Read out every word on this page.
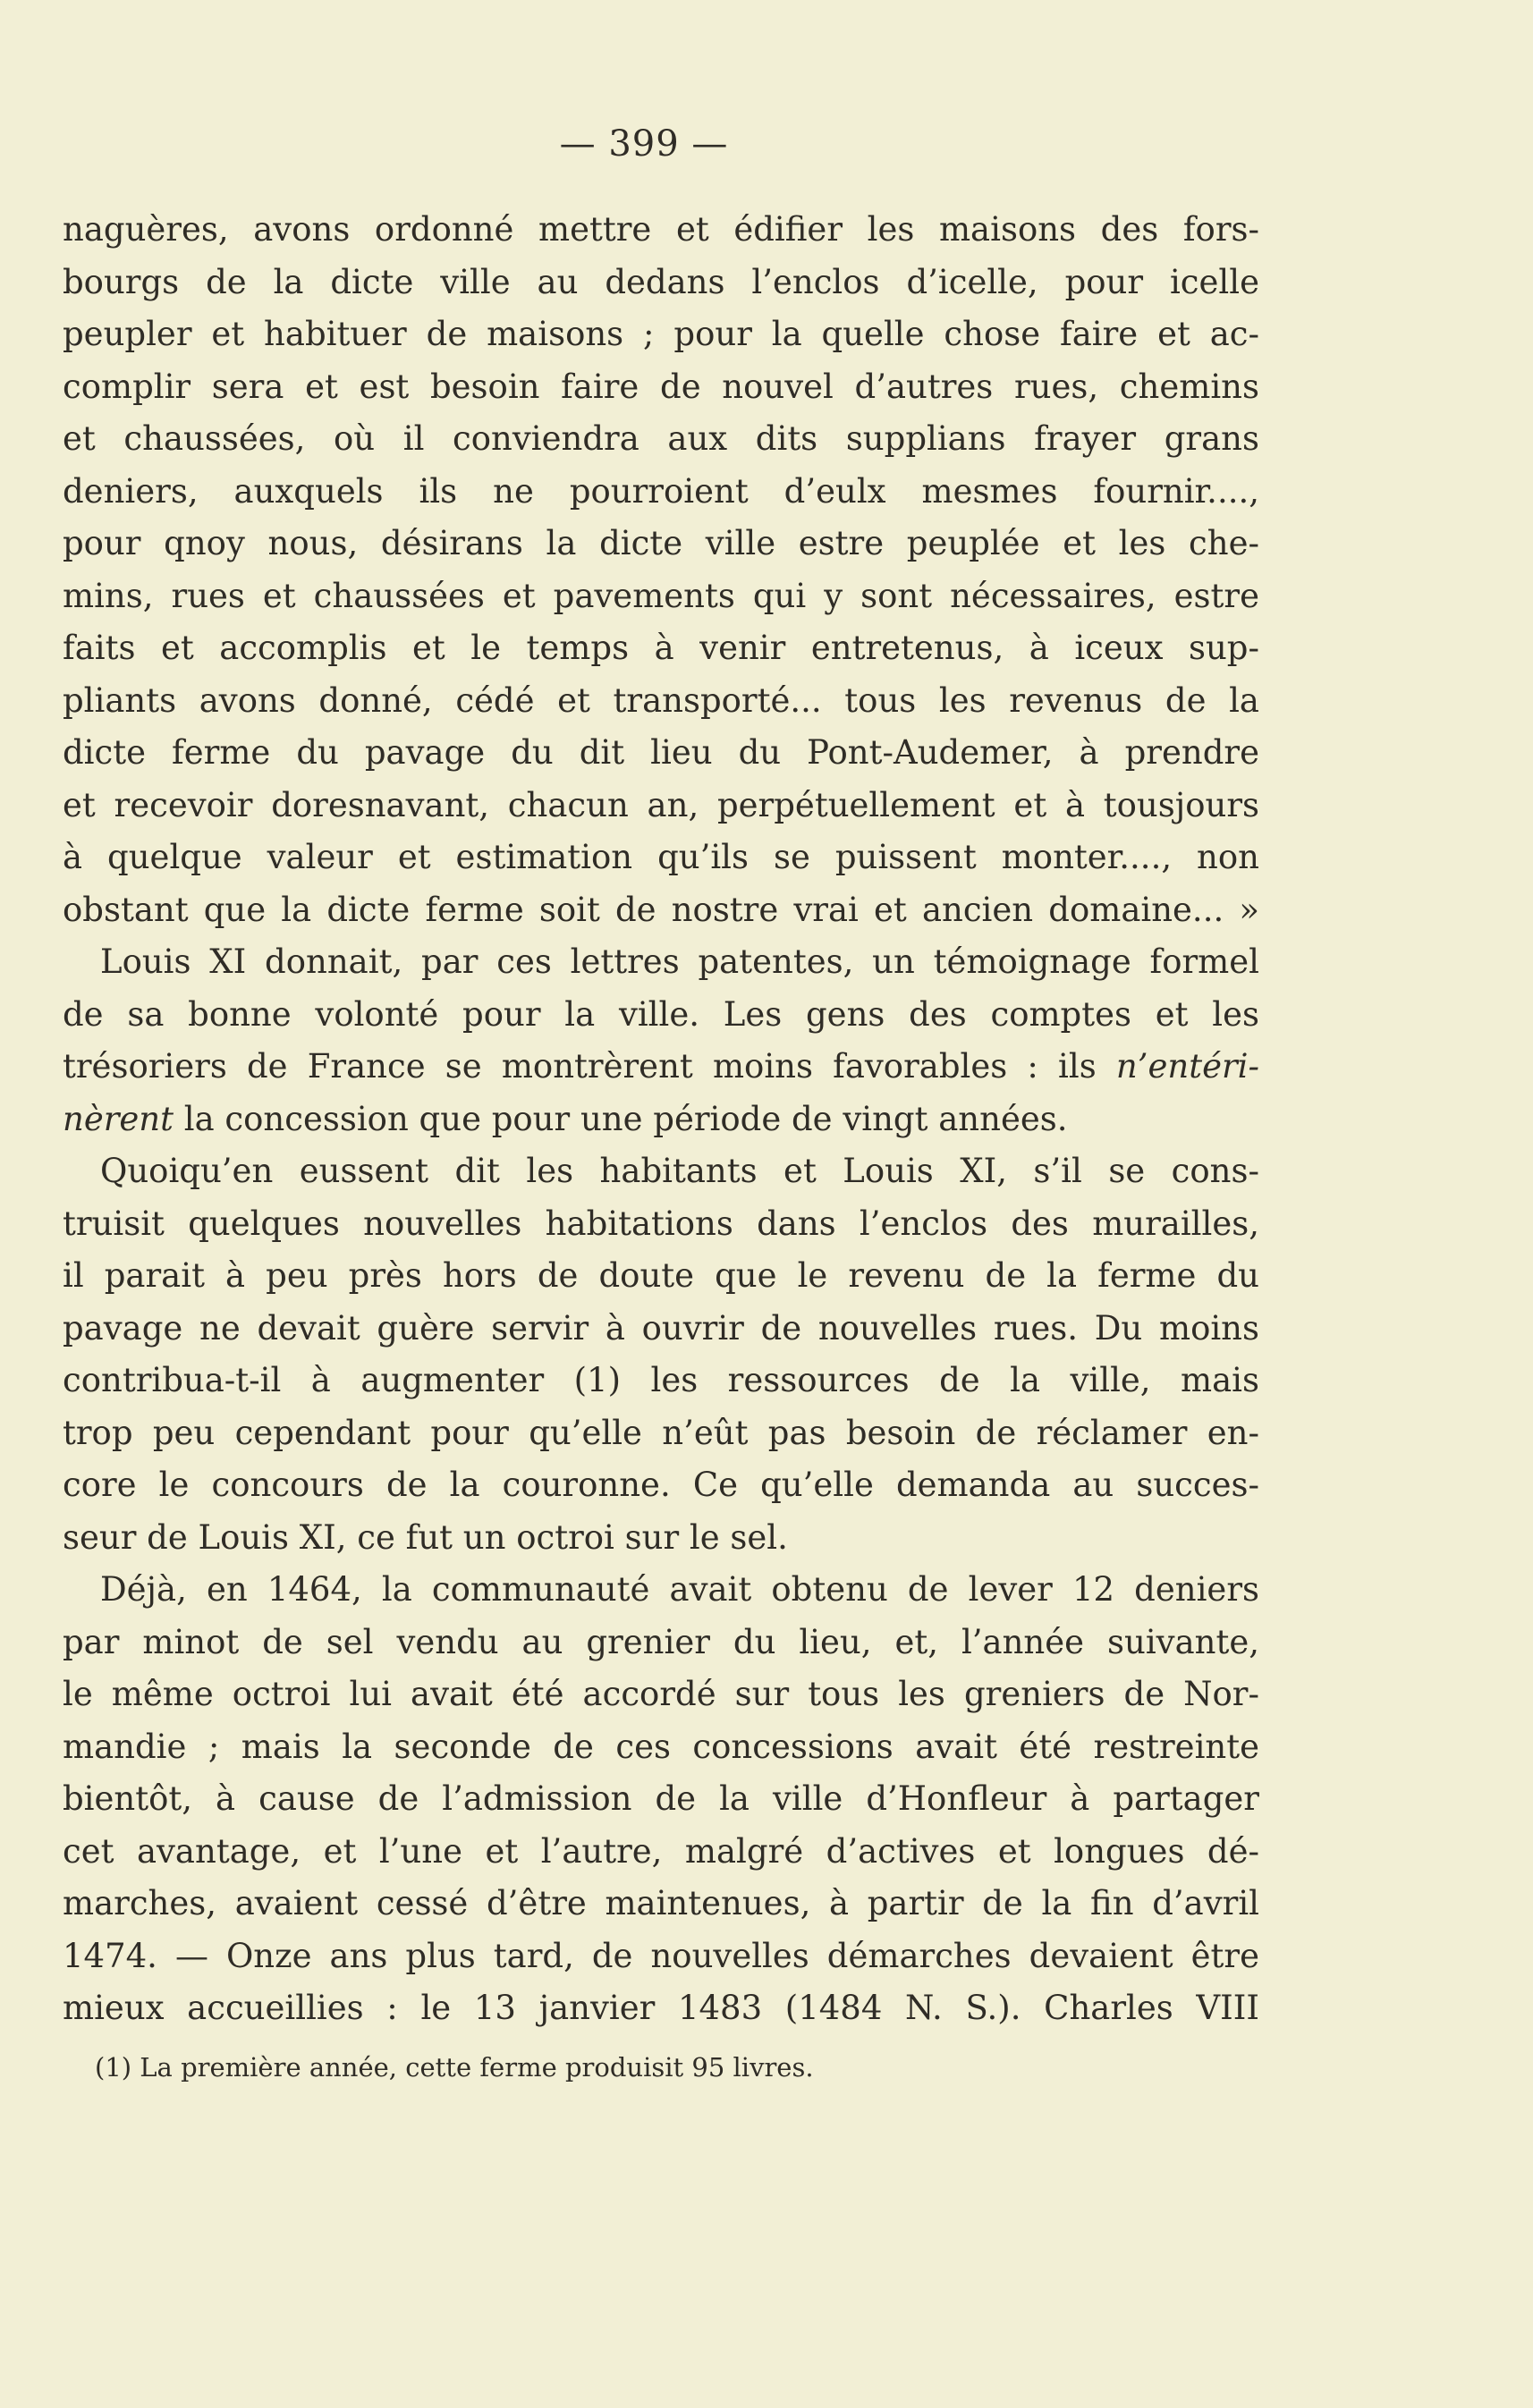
— 399 —
naguères, avons ordonné mettre et édifier les maisons des fors-
bourgs de la dicte ville au dedans l’enclos d’icelle, pour icelle
peupler et habituer de maisons ; pour la quelle chose faire et ac-
complir sera et est besoin faire de nouvel d’autres rues, chemins
et chaussées, où il conviendra aux dits supplians frayer grans
deniers, auxquels ils ne pourroient d’eulx mesmes fournir....,
pour qnoy nous, désirans la dicte ville estre peuplée et les che-
mins, rues et chaussées et pavements qui y sont nécessaires, estre
faits et accomplis et le temps à venir entretenus, à iceux sup-
pliants avons donné, cédé et transporté... tous les revenus de la
dicte ferme du pavage du dit lieu du Pont-Audemer, à prendre
et recevoir doresnavant, chacun an, perpétuellement et à tousjours
à quelque valeur et estimation qu’ils se puissent monter...., non
obstant que la dicte ferme soit de nostre vrai et ancien domaine... »
Louis XI donnait, par ces lettres patentes, un témoignage formel
de sa bonne volonté pour la ville. Les gens des comptes et les
trésoriers de France se montrèrent moins favorables : ils n’entéri-
nèrent la concession que pour une période de vingt années.
Quoiqu’en eussent dit les habitants et Louis XI, s’il se cons-
truisit quelques nouvelles habitations dans l’enclos des murailles,
il parait à peu près hors de doute que le revenu de la ferme du
pavage ne devait guère servir à ouvrir de nouvelles rues. Du moins
contribua-t-il à augmenter (1) les ressources de la ville, mais
trop peu cependant pour qu’elle n’eût pas besoin de réclamer en-
core le concours de la couronne. Ce qu’elle demanda au succes-
seur de Louis XI, ce fut un octroi sur le sel.
Déjà, en 1464, la communauté avait obtenu de lever 12 deniers
par minot de sel vendu au grenier du lieu, et, l’année suivante,
le même octroi lui avait été accordé sur tous les greniers de Nor-
mandie ; mais la seconde de ces concessions avait été restreinte
bientôt, à cause de l’admission de la ville d’Honfleur à partager
cet avantage, et l’une et l’autre, malgré d’actives et longues dé-
marches, avaient cessé d’être maintenues, à partir de la fin d’avril
1474. — Onze ans plus tard, de nouvelles démarches devaient être
mieux accueillies : le 13 janvier 1483 (1484 N. S.). Charles VIII
(1) La première année, cette ferme produisit 95 livres.
